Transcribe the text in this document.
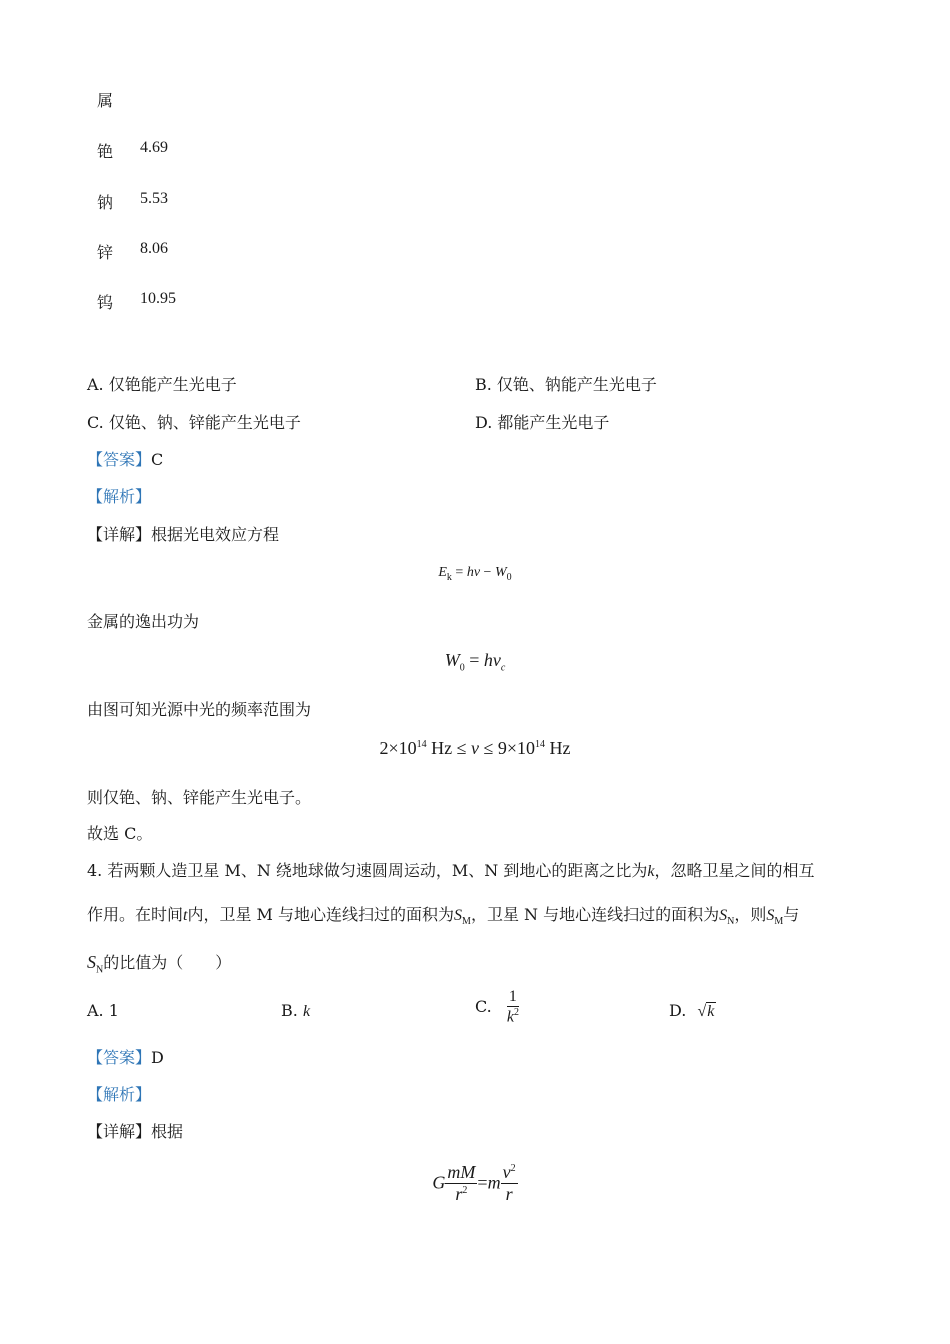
属
铯 4.69
钠 5.53
锌 8.06
钨 10.95
A. 仅铯能产生光电子	B. 仅铯、钠能产生光电子
C. 仅铯、钠、锌能产生光电子	D. 都能产生光电子
【答案】C
【解析】
【详解】根据光电效应方程
$E_k = h\nu - W_0$
金属的逸出功为
$W_0 = h\nu_c$
由图可知光源中光的频率范围为
$2\times 10^{14}$ $Hz \le \nu \le 9\times 10^{14}$ Hz
则仅铯、钠、锌能产生光电子。
故选 C。
4. 若两颗人造卫星 M、N 绕地球做匀速圆周运动，M、N 到地心的距离之比为k，忽略卫星之间的相互
作用。在时间t内，卫星 M 与地心连线扫过的面积为$S_M$，卫星 N 与地心连线扫过的面积为$S_N$，则$S_M$与
$S_N$的比值为（　　）
A. 1	B. k	C. $\frac{1}{k^2}$	D. √k
【答案】D
【解析】
【详解】根据
G $\frac{mM}{r^2} =m \frac{v^2}{r}$
